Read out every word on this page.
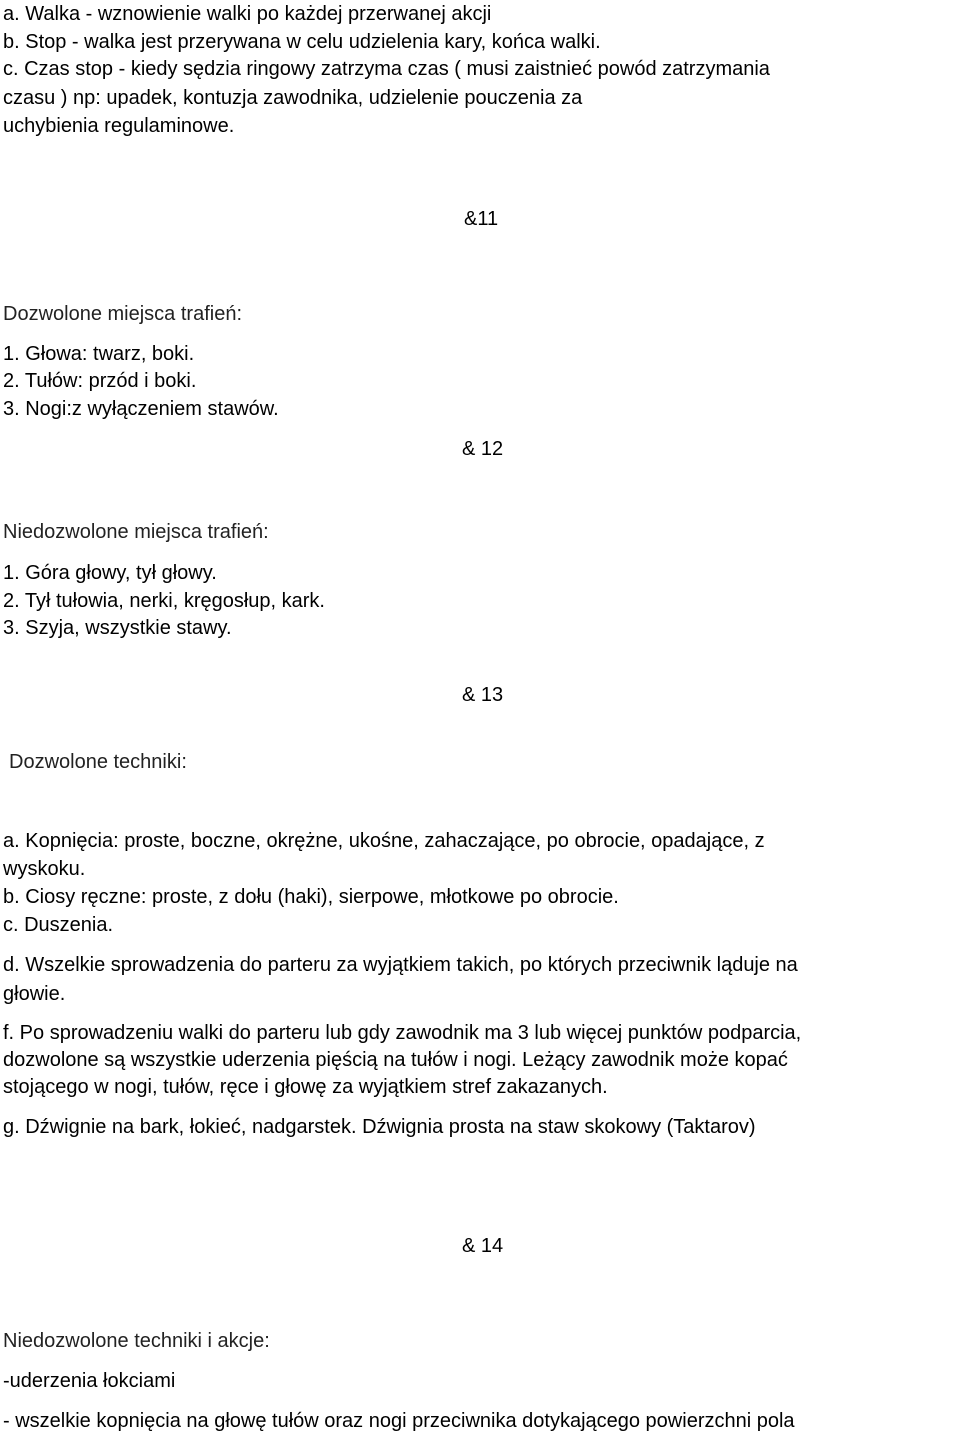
a. Walka - wznowienie walki po każdej przerwanej akcji
b. Stop - walka jest przerywana w celu udzielenia kary, końca walki.
c. Czas stop - kiedy sędzia ringowy zatrzyma czas ( musi zaistnieć powód zatrzymania
czasu ) np: upadek, kontuzja zawodnika, udzielenie pouczenia za
uchybienia regulaminowe.
&11
Dozwolone miejsca trafień:
1. Głowa: twarz, boki.
2. Tułów: przód i boki.
3. Nogi:z wyłączeniem stawów.
& 12
Niedozwolone miejsca trafień:
1. Góra głowy, tył głowy.
2. Tył tułowia, nerki, kręgosłup, kark.
3. Szyja, wszystkie stawy.
& 13
Dozwolone techniki:
a. Kopnięcia: proste, boczne, okrężne, ukośne, zahaczające, po obrocie, opadające, z
wyskoku.
b. Ciosy ręczne: proste, z dołu (haki), sierpowe, młotkowe po obrocie.
c. Duszenia.
d. Wszelkie sprowadzenia do parteru za wyjątkiem takich, po których przeciwnik ląduje na
głowie.
f. Po sprowadzeniu walki do parteru lub gdy zawodnik ma 3 lub więcej punktów podparcia,
dozwolone są wszystkie uderzenia pięścią na tułów i nogi. Leżący zawodnik może kopać
stojącego w nogi, tułów, ręce i głowę za wyjątkiem stref zakazanych.
g. Dźwignie na bark, łokieć, nadgarstek. Dźwignia prosta na staw skokowy (Taktarov)
& 14
Niedozwolone techniki i akcje:
-uderzenia łokciami
- wszelkie kopnięcia na głowę tułów oraz nogi przeciwnika dotykającego powierzchni pola
